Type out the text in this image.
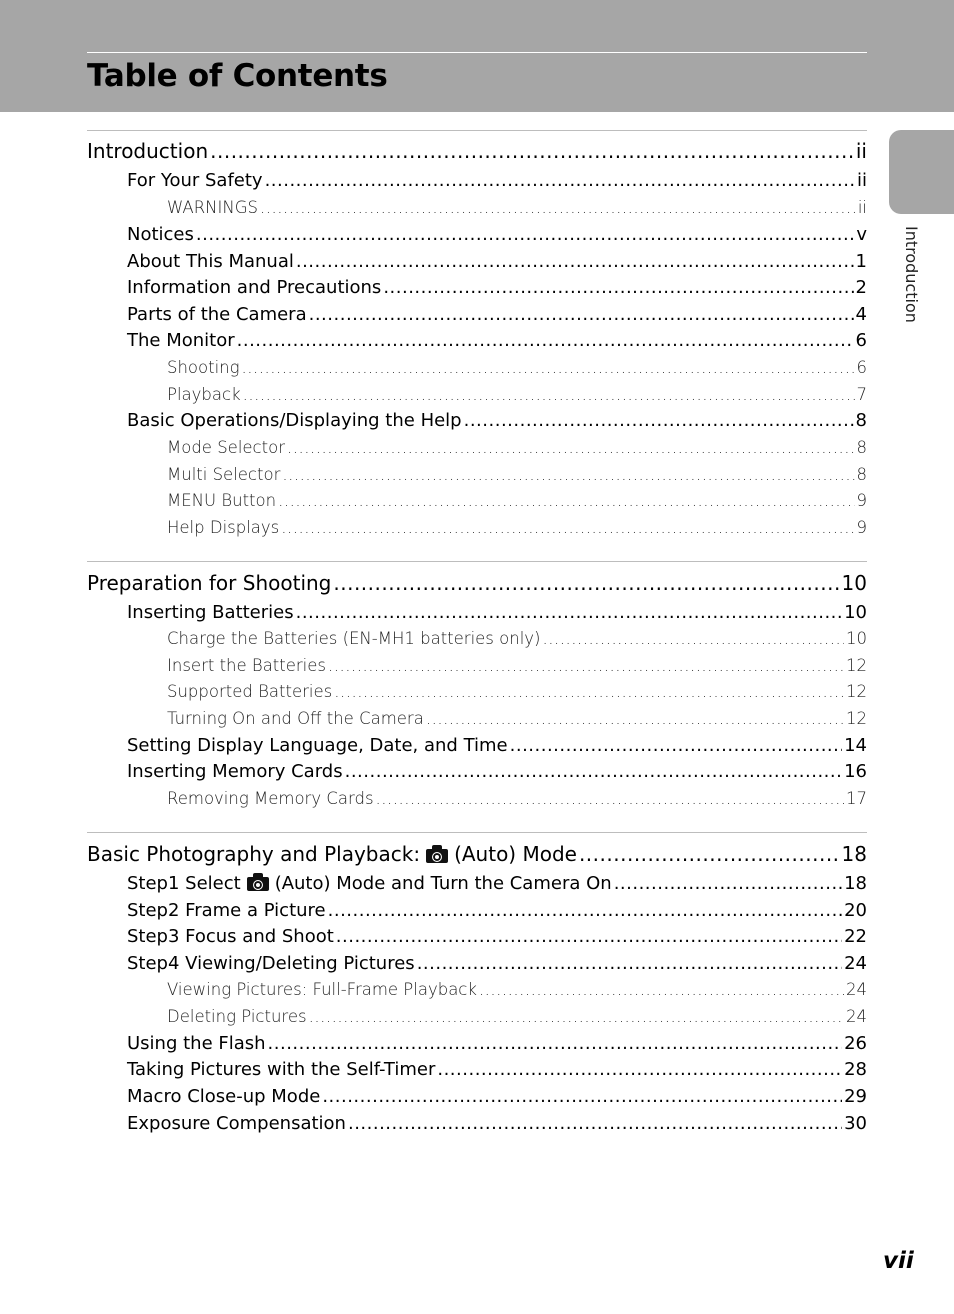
Table of Contents
Introduction
Introduction .....	ii
For Your Safety .....	ii
WARNINGS .....	ii
Notices .....	v
About This Manual .....	1
Information and Precautions .....	2
Parts of the Camera .....	4
The Monitor .....	6
Shooting .....	6
Playback .....	7
Basic Operations/Displaying the Help .....	8
Mode Selector .....	8
Multi Selector .....	8
MENU Button .....	9
Help Displays .....	9
Preparation for Shooting .....	10
Inserting Batteries .....	10
Charge the Batteries (EN-MH1 batteries only) .....	10
Insert the Batteries .....	12
Supported Batteries .....	12
Turning On and Off the Camera .....	12
Setting Display Language, Date, and Time .....	14
Inserting Memory Cards .....	16
Removing Memory Cards .....	17
Basic Photography and Playback: (Auto) Mode .....	18
Step1 Select (Auto) Mode and Turn the Camera On .....	18
Step2 Frame a Picture .....	20
Step3 Focus and Shoot .....	22
Step4 Viewing/Deleting Pictures .....	24
Viewing Pictures: Full-Frame Playback .....	24
Deleting Pictures .....	24
Using the Flash .....	26
Taking Pictures with the Self-Timer .....	28
Macro Close-up Mode .....	29
Exposure Compensation .....	30
vii
